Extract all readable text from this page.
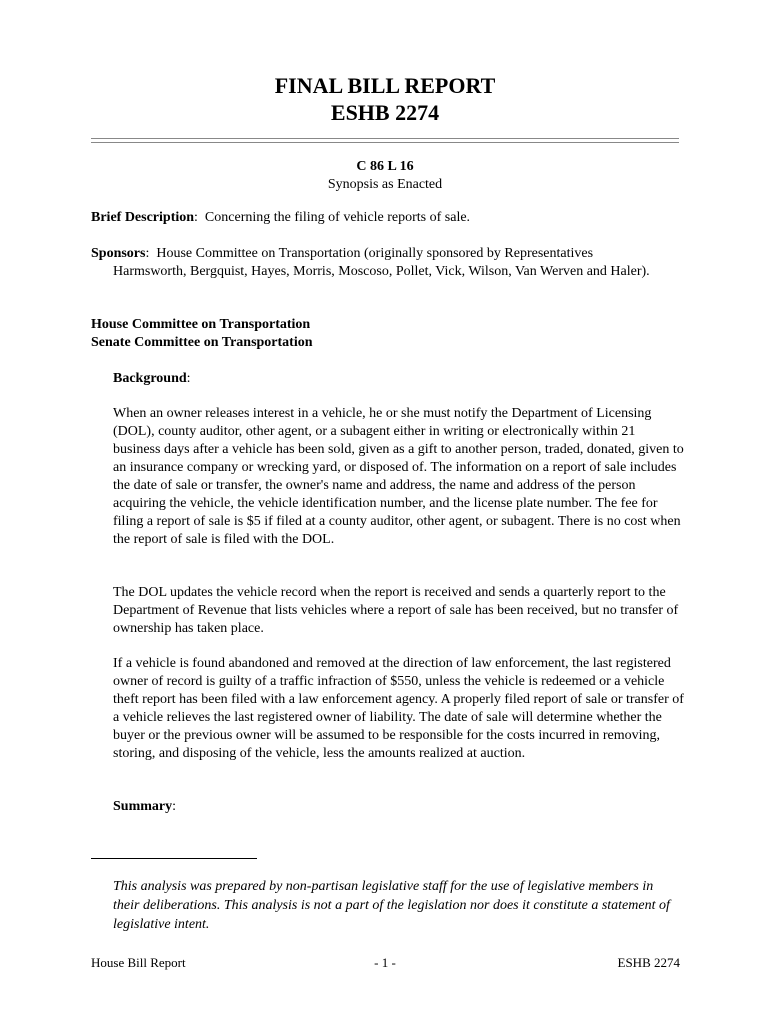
FINAL BILL REPORT
ESHB 2274
C 86 L 16
Synopsis as Enacted
Brief Description:  Concerning the filing of vehicle reports of sale.
Sponsors:  House Committee on Transportation (originally sponsored by Representatives Harmsworth, Bergquist, Hayes, Morris, Moscoso, Pollet, Vick, Wilson, Van Werven and Haler).
House Committee on Transportation
Senate Committee on Transportation
Background:
When an owner releases interest in a vehicle, he or she must notify the Department of Licensing (DOL), county auditor, other agent, or a subagent either in writing or electronically within 21 business days after a vehicle has been sold, given as a gift to another person, traded, donated, given to an insurance company or wrecking yard, or disposed of. The information on a report of sale includes the date of sale or transfer, the owner's name and address, the name and address of the person acquiring the vehicle, the vehicle identification number, and the license plate number. The fee for filing a report of sale is $5 if filed at a county auditor, other agent, or subagent. There is no cost when the report of sale is filed with the DOL.
The DOL updates the vehicle record when the report is received and sends a quarterly report to the Department of Revenue that lists vehicles where a report of sale has been received, but no transfer of ownership has taken place.
If a vehicle is found abandoned and removed at the direction of law enforcement, the last registered owner of record is guilty of a traffic infraction of $550, unless the vehicle is redeemed or a vehicle theft report has been filed with a law enforcement agency. A properly filed report of sale or transfer of a vehicle relieves the last registered owner of liability. The date of sale will determine whether the buyer or the previous owner will be assumed to be responsible for the costs incurred in removing, storing, and disposing of the vehicle, less the amounts realized at auction.
Summary:
This analysis was prepared by non-partisan legislative staff for the use of legislative members in their deliberations. This analysis is not a part of the legislation nor does it constitute a statement of legislative intent.
House Bill Report	- 1 -	ESHB 2274
